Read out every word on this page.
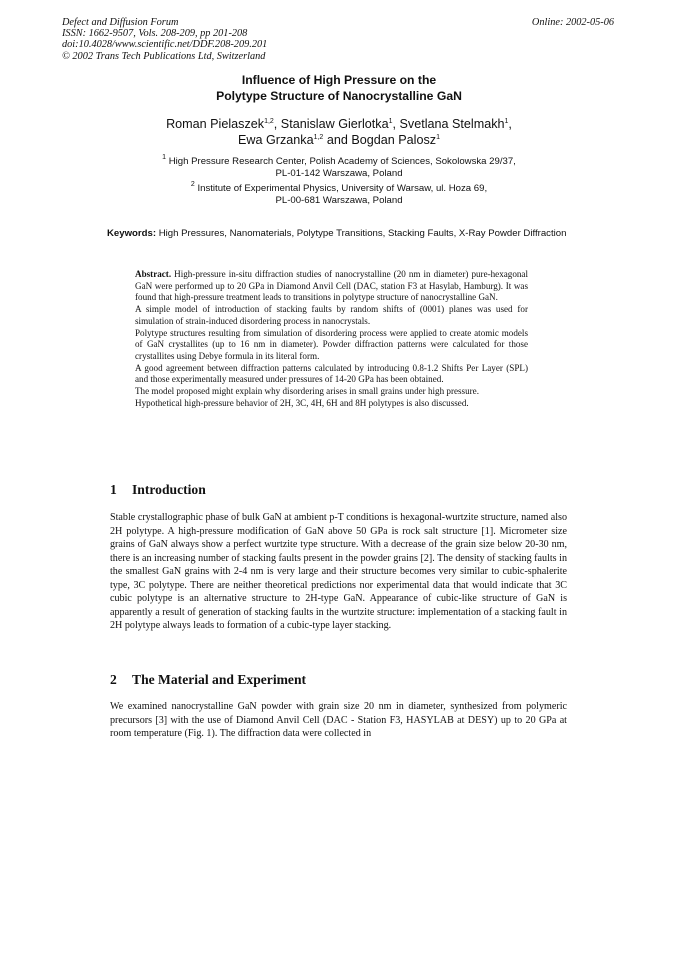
Defect and Diffusion Forum
ISSN: 1662-9507, Vols. 208-209, pp 201-208
doi:10.4028/www.scientific.net/DDF.208-209.201
© 2002 Trans Tech Publications Ltd, Switzerland
Online: 2002-05-06
Influence of High Pressure on the
Polytype Structure of Nanocrystalline GaN
Roman Pielaszek$^{1,2}$, Stanislaw Gierlotka$^1$, Svetlana Stelmakh$^1$,
Ewa Grzanka$^{1,2}$ and Bogdan Palosz$^1$
$^1$ High Pressure Research Center, Polish Academy of Sciences, Sokolowska 29/37,
PL-01-142 Warszawa, Poland
$^2$ Institute of Experimental Physics, University of Warsaw, ul. Hoza 69,
PL-00-681 Warszawa, Poland
Keywords: High Pressures, Nanomaterials, Polytype Transitions, Stacking Faults, X-Ray Powder Diffraction

Abstract. High-pressure in-situ diffraction studies of nanocrystalline (20 nm in diameter) pure-hexagonal GaN were performed up to 20 GPa in Diamond Anvil Cell (DAC, station F3 at Hasylab, Hamburg). It was found that high-pressure treatment leads to transitions in polytype structure of nanocrystalline GaN.

A simple model of introduction of stacking faults by random shifts of (0001) planes was used for simulation of strain-induced disordering process in nanocrystals.

Polytype structures resulting from simulation of disordering process were applied to create atomic models of GaN crystallites (up to 16 nm in diameter). Powder diffraction patterns were calculated for those crystallites using Debye formula in its literal form.

A good agreement between diffraction patterns calculated by introducing 0.8-1.2 Shifts Per Layer (SPL) and those experimentally measured under pressures of 14-20 GPa has been obtained.

The model proposed might explain why disordering arises in small grains under high pressure.

Hypothetical high-pressure behavior of 2H, 3C, 4H, 6H and 8H polytypes is also discussed.

1 Introduction

Stable crystallographic phase of bulk GaN at ambient p-T conditions is hexagonal-wurtzite structure, named also 2H polytype. A high-pressure modification of GaN above 50 GPa is rock salt structure [1]. Micrometer size grains of GaN always show a perfect wurtzite type structure. With a decrease of the grain size below 20-30 nm, there is an increasing number of stacking faults present in the powder grains [2]. The density of stacking faults in the smallest GaN grains with 2-4 nm is very large and their structure becomes very similar to cubic-sphalerite type, 3C polytype. There are neither theoretical predictions nor experimental data that would indicate that 3C cubic polytype is an alternative structure to 2H-type GaN. Appearance of cubic-like structure of GaN is apparently a result of generation of stacking faults in the wurtzite structure: implementation of a stacking fault in 2H polytype always leads to formation of a cubic-type layer stacking.

2 The Material and Experiment

We examined nanocrystalline GaN powder with grain size 20 nm in diameter, synthesized from polymeric precursors [3] with the use of Diamond Anvil Cell (DAC - Station F3, HASYLAB at DESY) up to 20 GPa at room temperature (Fig. 1). The diffraction data were collected in
